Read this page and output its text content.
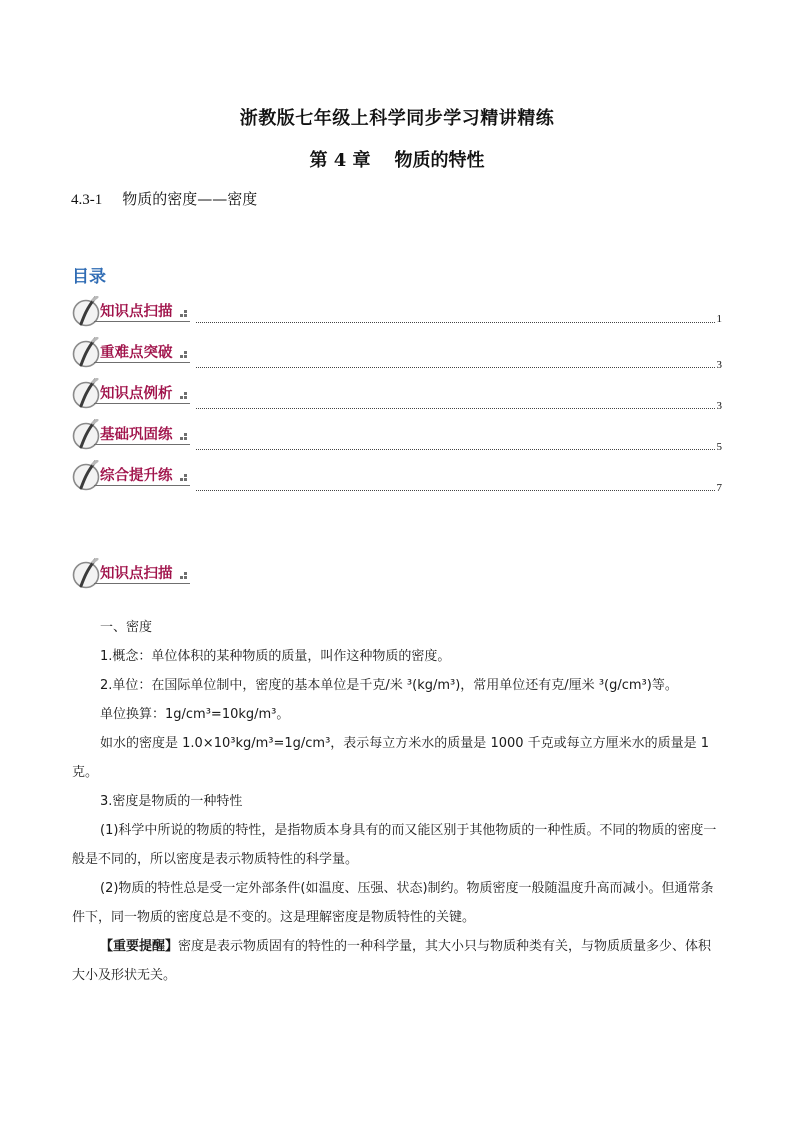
浙教版七年级上科学同步学习精讲精练
第 4 章 物质的特性
4.3-1 物质的密度——密度
目录
知识点扫描	1
重难点突破
3
知识点例析
3
基础巩固练
5
综合提升练
7
知识点扫描

一、密度

1.概念：单位体积的某种物质的质量，叫作这种物质的密度。

2.单位：在国际单位制中，密度的基本单位是千克/米 ³(kg/m³)，常用单位还有克/厘米 ³(g/cm³)等。

单位换算：1g/cm³=10kg/m³。

如水的密度是 1.0×10³kg/m³=1g/cm³，表示每立方米水的质量是 1000 千克或每立方厘米水的质量是 1 克。

3.密度是物质的一种特性

(1)科学中所说的物质的特性，是指物质本身具有的而又能区别于其他物质的一种性质。不同的物质的密度一般是不同的，所以密度是表示物质特性的科学量。

(2)物质的特性总是受一定外部条件(如温度、压强、状态)制约。物质密度一般随温度升高而减小。但通常条件下，同一物质的密度总是不变的。这是理解密度是物质特性的关键。

【重要提醒】密度是表示物质固有的特性的一种科学量，其大小只与物质种类有关，与物质质量多少、体积大小及形状无关。
